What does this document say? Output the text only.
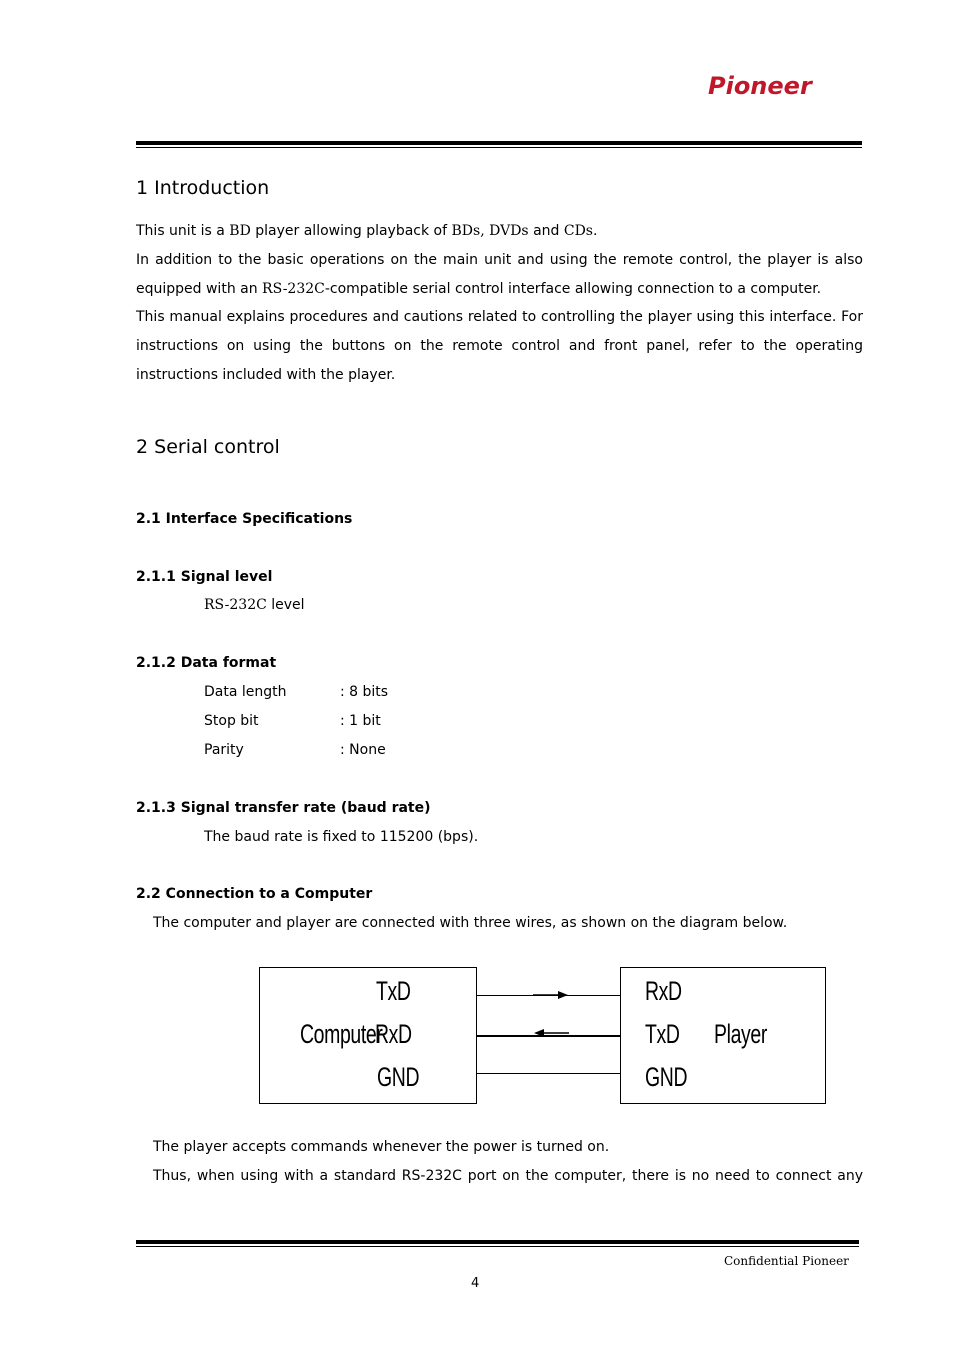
Pioneer
1 Introduction
This unit is a BD player allowing playback of BDs, DVDs and CDs.
In addition to the basic operations on the main unit and using the remote control, the player is also equipped with an RS-232C-compatible serial control interface allowing connection to a computer.
This manual explains procedures and cautions related to controlling the player using this interface. For instructions on using the buttons on the remote control and front panel, refer to the operating instructions included with the player.
2 Serial control
2.1 Interface Specifications
2.1.1 Signal level
RS-232C level
2.1.2 Data format
Data length	: 8 bits
Stop bit	: 1 bit
Parity	: None
2.1.3 Signal transfer rate (baud rate)
The baud rate is fixed to 115200 (bps).
2.2 Connection to a Computer
The computer and player are connected with three wires, as shown on the diagram below.
TxD
Computer
RxD
GND
RxD
TxD Player
GND
The player accepts commands whenever the power is turned on.
Thus, when using with a standard RS-232C port on the computer, there is no need to connect any
Confidential Pioneer
4
